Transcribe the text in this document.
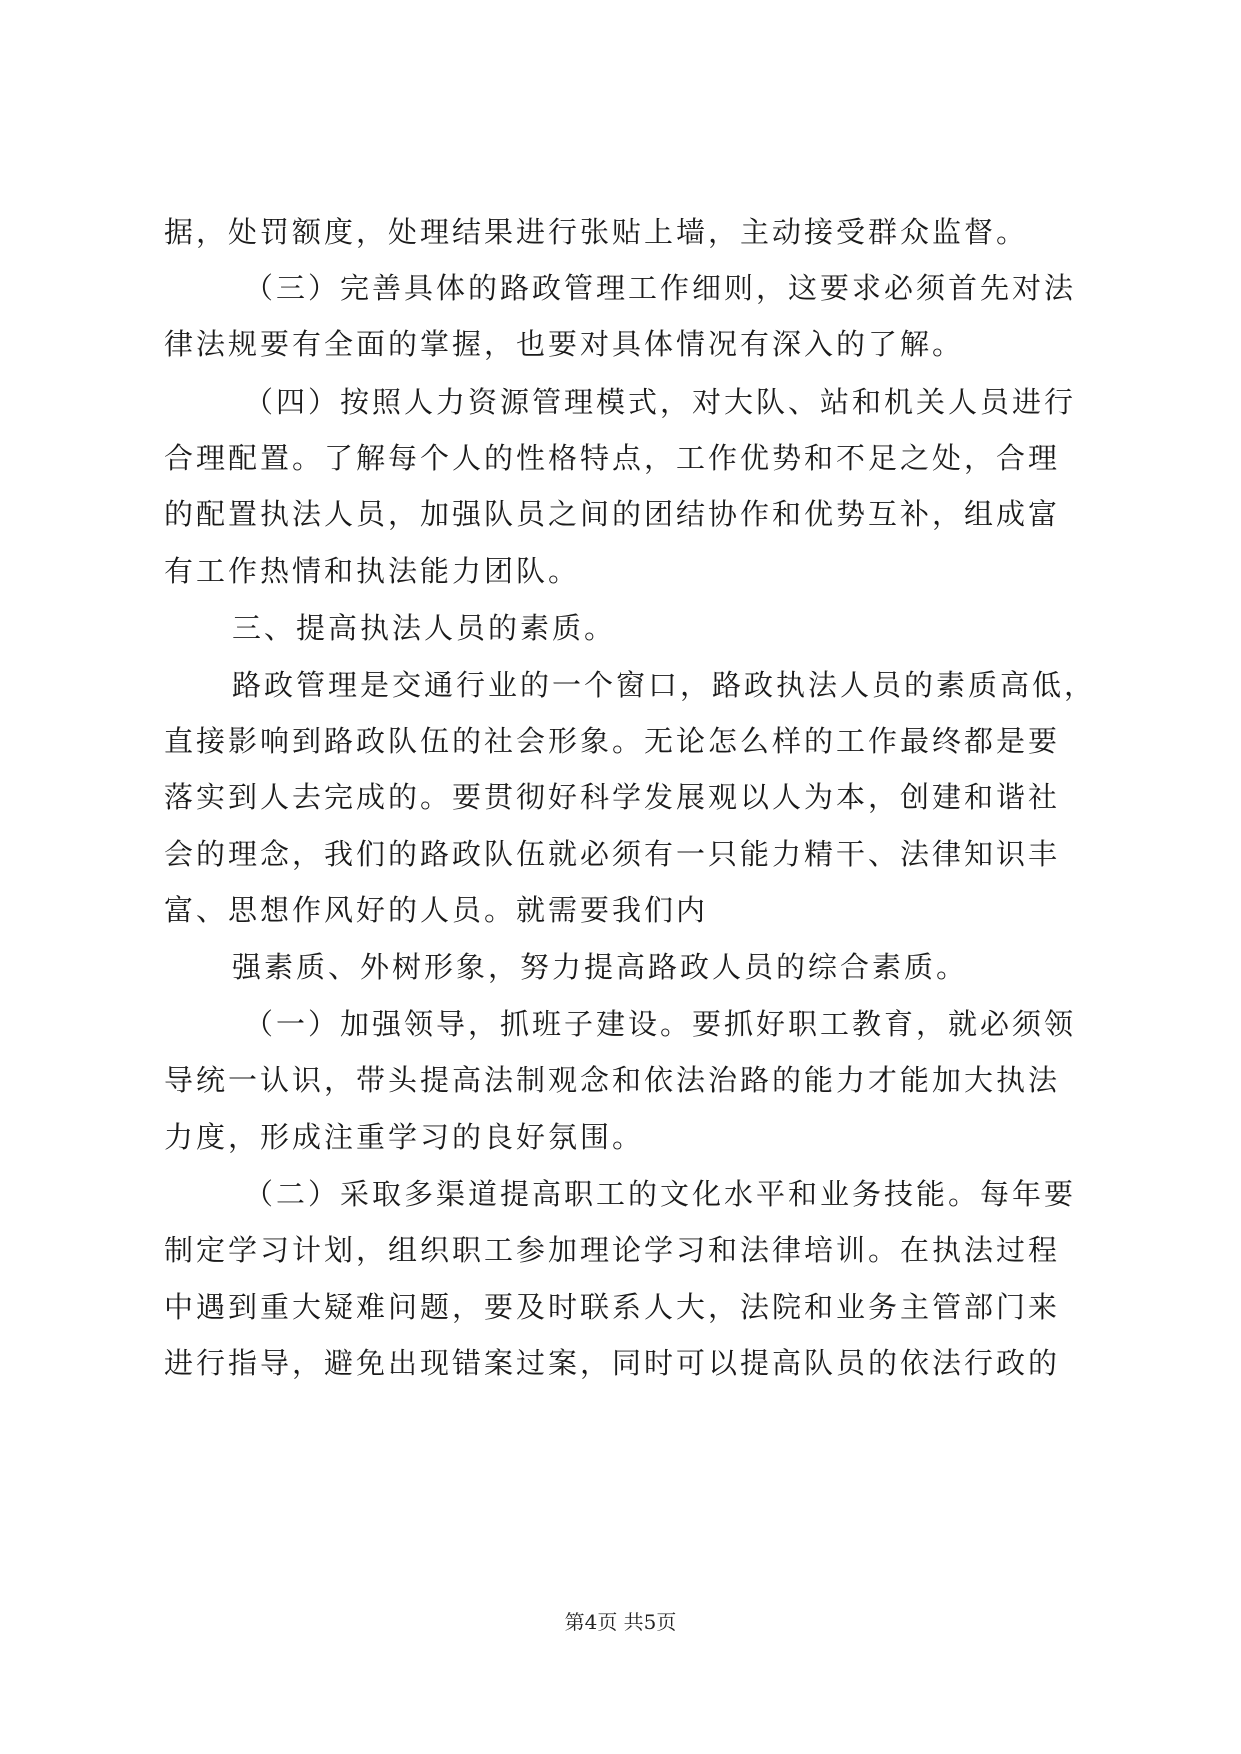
据，处罚额度，处理结果进行张贴上墙，主动接受群众监督。
（三）完善具体的路政管理工作细则，这要求必须首先对法
律法规要有全面的掌握，也要对具体情况有深入的了解。
（四）按照人力资源管理模式，对大队、站和机关人员进行
合理配置。了解每个人的性格特点，工作优势和不足之处，合理
的配置执法人员，加强队员之间的团结协作和优势互补，组成富
有工作热情和执法能力团队。
三、提高执法人员的素质。
路政管理是交通行业的一个窗口，路政执法人员的素质高低，
直接影响到路政队伍的社会形象。无论怎么样的工作最终都是要
落实到人去完成的。要贯彻好科学发展观以人为本，创建和谐社
会的理念，我们的路政队伍就必须有一只能力精干、法律知识丰
富、思想作风好的人员。就需要我们内
强素质、外树形象，努力提高路政人员的综合素质。
（一）加强领导，抓班子建设。要抓好职工教育，就必须领
导统一认识，带头提高法制观念和依法治路的能力才能加大执法
力度，形成注重学习的良好氛围。
（二）采取多渠道提高职工的文化水平和业务技能。每年要
制定学习计划，组织职工参加理论学习和法律培训。在执法过程
中遇到重大疑难问题，要及时联系人大，法院和业务主管部门来
进行指导，避免出现错案过案，同时可以提高队员的依法行政的
第4页 共5页
